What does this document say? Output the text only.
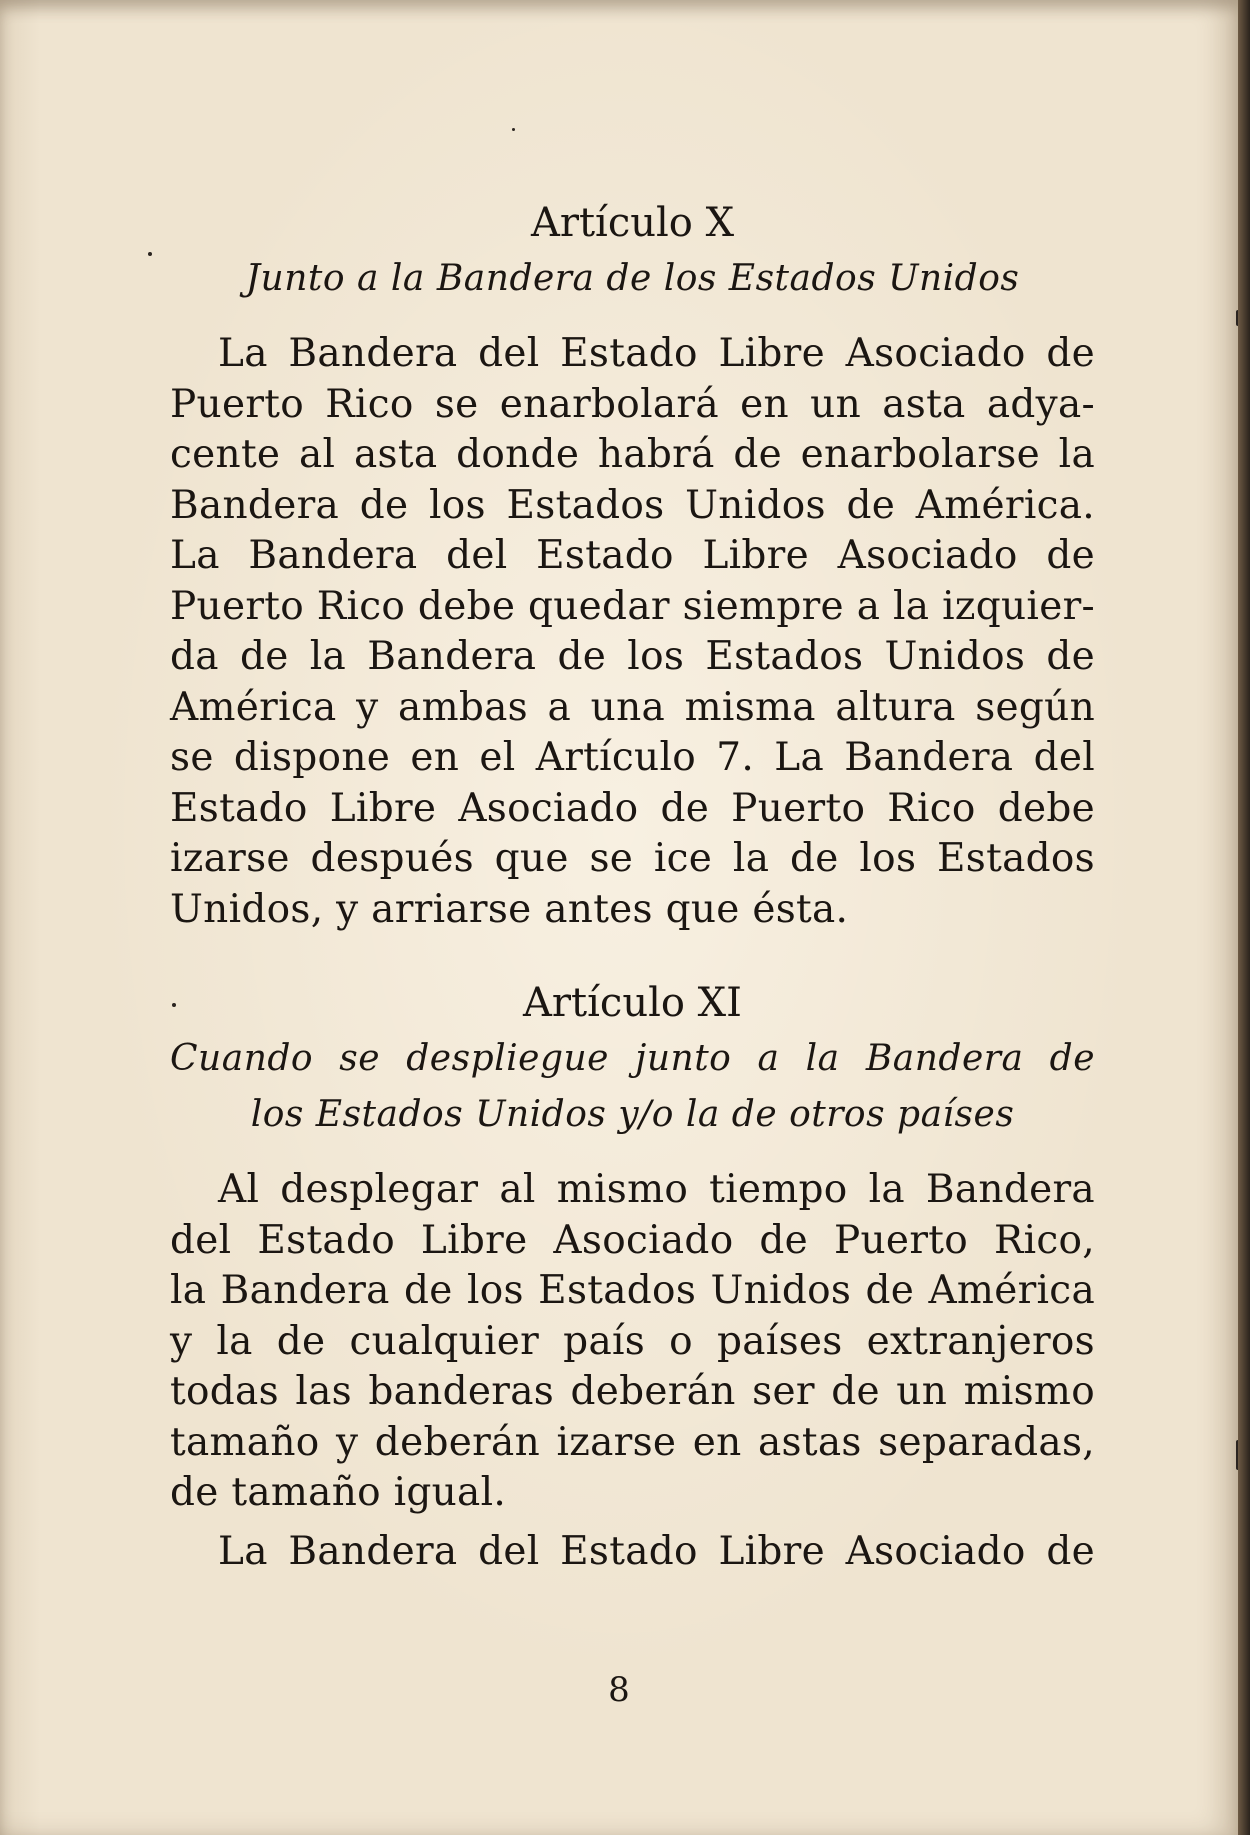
Artículo X

Junto a la Bandera de los Estados Unidos

La Bandera del Estado Libre Asociado de
Puerto Rico se enarbolará en un asta adya-
cente al asta donde habrá de enarbolarse la
Bandera de los Estados Unidos de América.
La Bandera del Estado Libre Asociado de
Puerto Rico debe quedar siempre a la izquier-
da de la Bandera de los Estados Unidos de
América y ambas a una misma altura según
se dispone en el Artículo 7. La Bandera del
Estado Libre Asociado de Puerto Rico debe
izarse después que se ice la de los Estados
Unidos, y arriarse antes que ésta.

Artículo XI

Cuando se despliegue junto a la Bandera de

los Estados Unidos y/o la de otros países

Al desplegar al mismo tiempo la Bandera
del Estado Libre Asociado de Puerto Rico,
la Bandera de los Estados Unidos de América
y la de cualquier país o países extranjeros
todas las banderas deberán ser de un mismo
tamaño y deberán izarse en astas separadas,
de tamaño igual.
La Bandera del Estado Libre Asociado de
8
